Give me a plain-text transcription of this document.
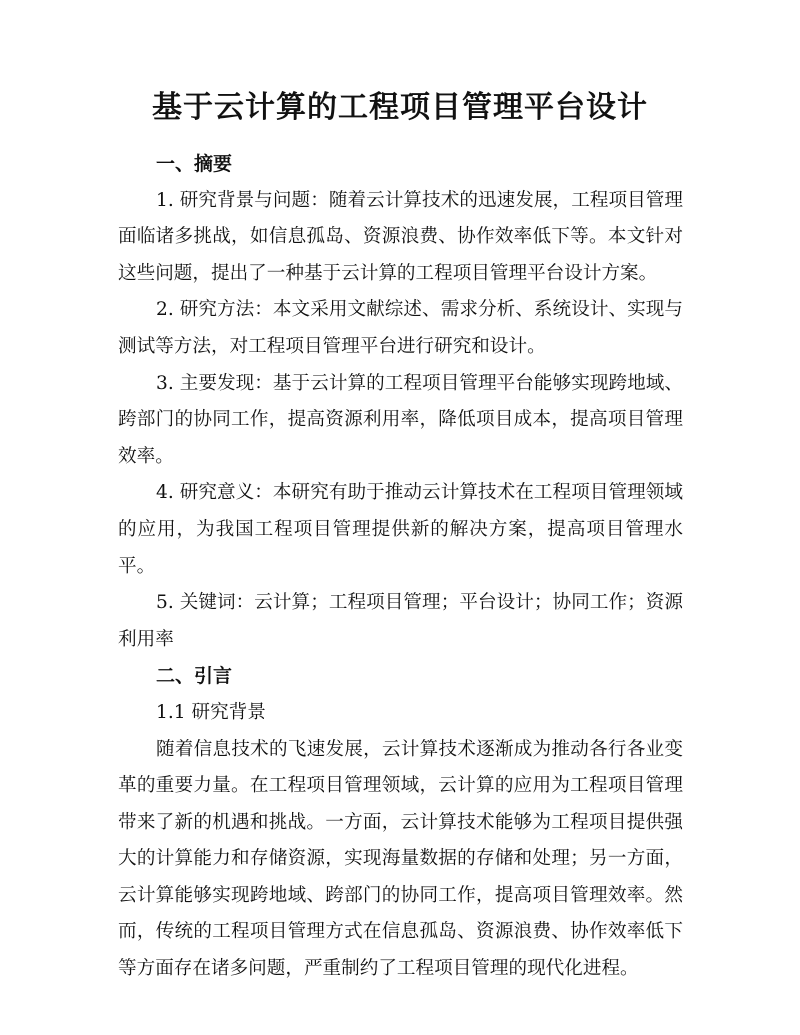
基于云计算的工程项目管理平台设计

一、摘要

1. 研究背景与问题：随着云计算技术的迅速发展，工程项目管理面临诸多挑战，如信息孤岛、资源浪费、协作效率低下等。本文针对这些问题，提出了一种基于云计算的工程项目管理平台设计方案。

2. 研究方法：本文采用文献综述、需求分析、系统设计、实现与测试等方法，对工程项目管理平台进行研究和设计。

3. 主要发现：基于云计算的工程项目管理平台能够实现跨地域、跨部门的协同工作，提高资源利用率，降低项目成本，提高项目管理效率。

4. 研究意义：本研究有助于推动云计算技术在工程项目管理领域的应用，为我国工程项目管理提供新的解决方案，提高项目管理水平。

5. 关键词：云计算；工程项目管理；平台设计；协同工作；资源利用率

二、引言

1.1 研究背景

随着信息技术的飞速发展，云计算技术逐渐成为推动各行各业变革的重要力量。在工程项目管理领域，云计算的应用为工程项目管理带来了新的机遇和挑战。一方面，云计算技术能够为工程项目提供强大的计算能力和存储资源，实现海量数据的存储和处理；另一方面，云计算能够实现跨地域、跨部门的协同工作，提高项目管理效率。然而，传统的工程项目管理方式在信息孤岛、资源浪费、协作效率低下等方面存在诸多问题，严重制约了工程项目管理的现代化进程。
